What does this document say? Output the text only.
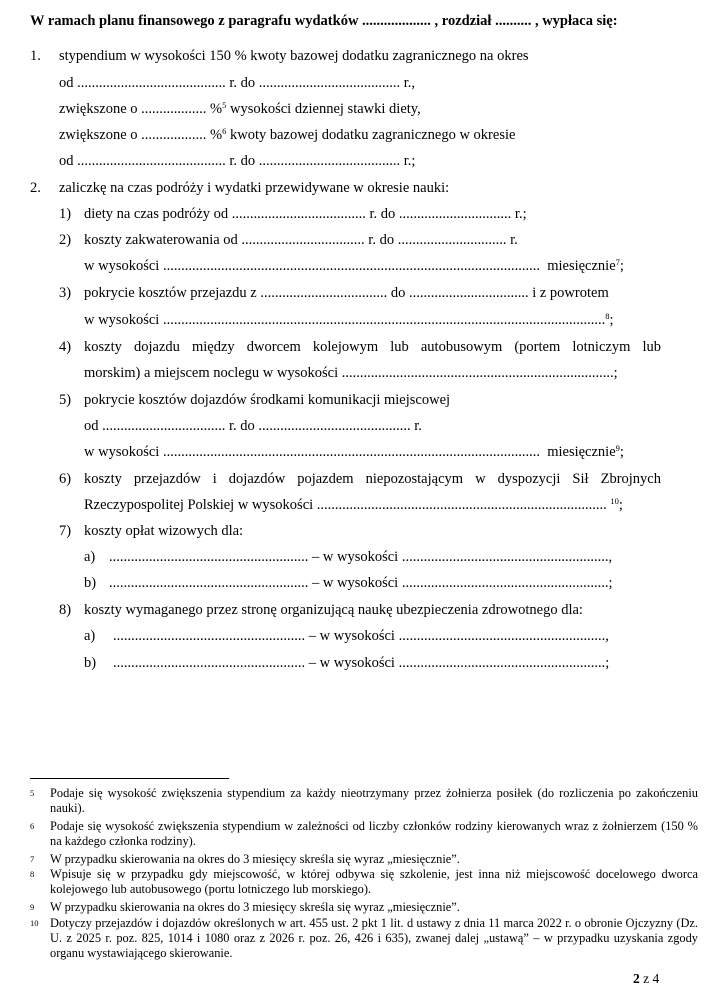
W ramach planu finansowego z paragrafu wydatków ................... , rozdział .......... , wypłaca się:
1. stypendium w wysokości 150 % kwoty bazowej dodatku zagranicznego na okres
od ......................................... r. do ....................................... r.,
zwiększone o .................. %$^5$ wysokości dziennej stawki diety,
zwiększone o .................. %$^6$ kwoty bazowej dodatku zagranicznego w okresie
od ......................................... r. do ....................................... r.;
2. zaliczkę na czas podróży i wydatki przewidywane w okresie nauki:
1) diety na czas podróży od ..................................... r. do ............................... r.;
2) koszty zakwaterowania od .................................. r. do .............................. r.
w wysokości ........................................................................................................ miesięcznie$^7$;
3) pokrycie kosztów przejazdu z ................................... do ................................. i z powrotem
w wysokości ..........................................................................................................................$^8$;
4) koszty dojazdu między dworcem kolejowym lub autobusowym (portem lotniczym lub
morskim) a miejscem noclegu w wysokości ...........................................................................;
5) pokrycie kosztów dojazdów środkami komunikacji miejscowej
od .................................. r. do .......................................... r.
w wysokości ........................................................................................................ miesięcznie$^9$;
6) koszty przejazdów i dojazdów pojazdem niepozostającym w dyspozycji Sił Zbrojnych
Rzeczypospolitej Polskiej w wysokości ................................................................................ $^{10}$;
7) koszty opłat wizowych dla:
a) ....................................................... – w wysokości .........................................................,
b) ....................................................... – w wysokości .........................................................;
8) koszty wymaganego przez stronę organizującą naukę ubezpieczenia zdrowotnego dla:
a) ..................................................... – w wysokości .........................................................,
b) ..................................................... – w wysokości .........................................................;
5 Podaje się wysokość zwiększenia stypendium za każdy nieotrzymany przez żołnierza posiłek (do rozliczenia po zakończeniu nauki).
6 Podaje się wysokość zwiększenia stypendium w zależności od liczby członków rodziny kierowanych wraz z żołnierzem (150 % na każdego członka rodziny).
7 W przypadku skierowania na okres do 3 miesięcy skreśla się wyraz „miesięcznie”.
8 Wpisuje się w przypadku gdy miejscowość, w której odbywa się szkolenie, jest inna niż miejscowość docelowego dworca kolejowego lub autobusowego (portu lotniczego lub morskiego).
9 W przypadku skierowania na okres do 3 miesięcy skreśla się wyraz „miesięcznie”.
10 Dotyczy przejazdów i dojazdów określonych w art. 455 ust. 2 pkt 1 lit. d ustawy z dnia 11 marca 2022 r. o obronie Ojczyzny (Dz. U. z 2025 r. poz. 825, 1014 i 1080 oraz z 2026 r. poz. 26, 426 i 635), zwanej dalej „ustawą” – w przypadku uzyskania zgody organu wystawiającego skierowanie.
2 z 4
